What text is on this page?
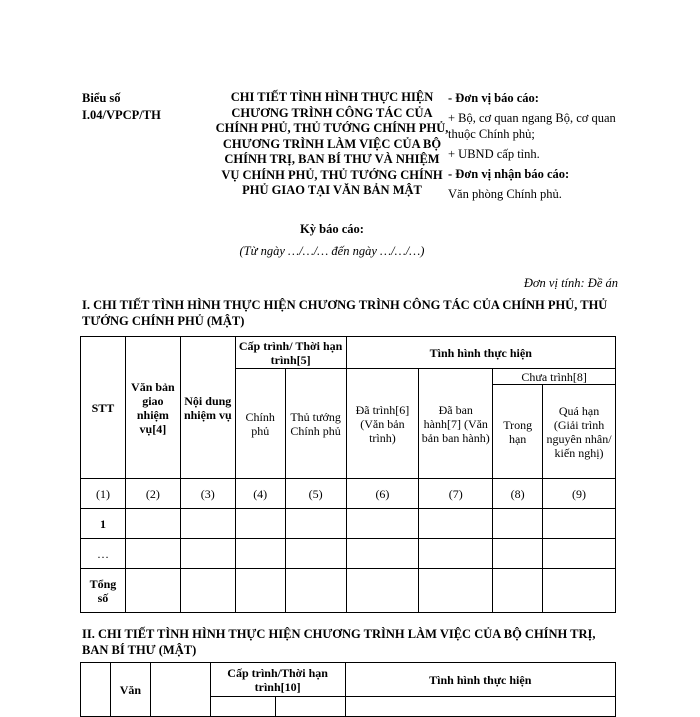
Biểu số
I.04/VPCP/TH
CHI TIẾT TÌNH HÌNH THỰC HIỆN CHƯƠNG TRÌNH CÔNG TÁC CỦA CHÍNH PHỦ, THỦ TƯỚNG CHÍNH PHỦ, CHƯƠNG TRÌNH LÀM VIỆC CỦA BỘ CHÍNH TRỊ, BAN BÍ THƯ VÀ NHIỆM VỤ CHÍNH PHỦ, THỦ TƯỚNG CHÍNH PHỦ GIAO TẠI VĂN BẢN MẬT

- Đơn vị báo cáo:

+ Bộ, cơ quan ngang Bộ, cơ quan thuộc Chính phủ;

+ UBND cấp tỉnh.

- Đơn vị nhận báo cáo:

Văn phòng Chính phủ.

Kỳ báo cáo:
(Từ ngày …/…/… đến ngày …/…/…)
Đơn vị tính: Đề án
I. CHI TIẾT TÌNH HÌNH THỰC HIỆN CHƯƠNG TRÌNH CÔNG TÁC CỦA CHÍNH PHỦ, THỦ TƯỚNG CHÍNH PHỦ (MẬT)
STT	Văn bản giao nhiệm vụ[4]	Nội dung nhiệm vụ	Cấp trình/ Thời hạn trình[5]		Tình hình thực hiện			
			Chính phủ	Thủ tướng Chính phủ	Đã trình[6] (Văn bản trình)	Đã ban hành[7] (Văn bản ban hành)	Chưa trình[8]	
							Trong hạn	Quá hạn (Giải trình nguyên nhân/ kiến nghị)
(1)	(2)	(3)	(4)	(5)	(6)	(7)	(8)	(9)
1								
…								
Tổng số								
II. CHI TIẾT TÌNH HÌNH THỰC HIỆN CHƯƠNG TRÌNH LÀM VIỆC CỦA BỘ CHÍNH TRỊ, BAN BÍ THƯ (MẬT)
	Văn		Cấp trình/Thời hạn trình[10]		Tình hình thực hiện
